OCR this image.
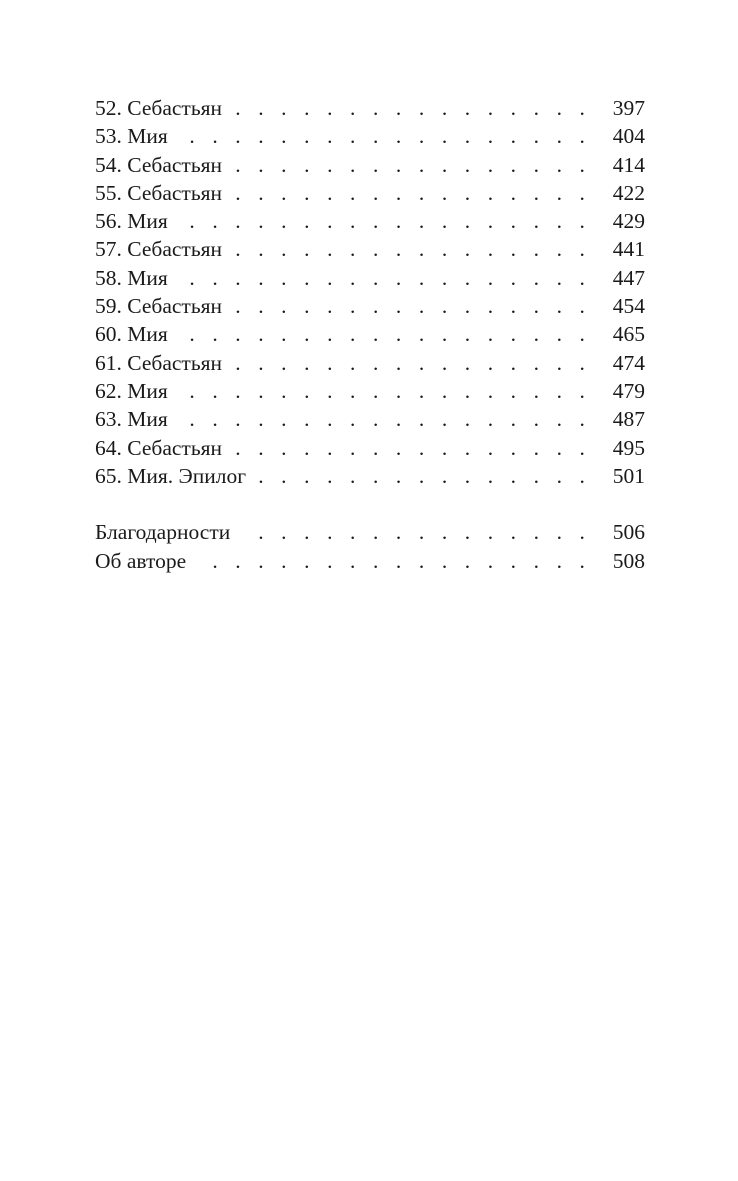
52. Себастьян . . .	397
53. Мия . . .	404
54. Себастьян . . .	414
55. Себастьян . . .	422
56. Мия . . .	429
57. Себастьян . . .	441
58. Мия . . .	447
59. Себастьян . . .	454
60. Мия . . .	465
61. Себастьян . . .	474
62. Мия . . .	479
63. Мия . . .	487
64. Себастьян . . .	495
65. Мия. Эпилог . . .	501
Благодарности . . .	506
Об авторе . . .	508
